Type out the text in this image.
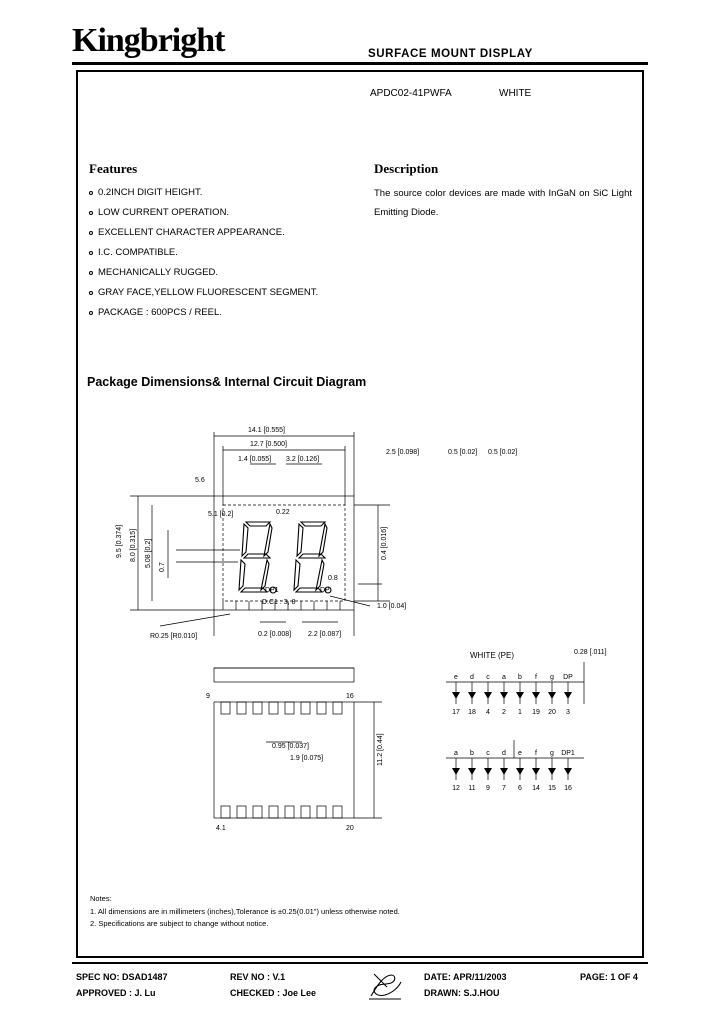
Kingbright	SURFACE MOUNT DISPLAY
APDC02-41PWFA	WHITE
Features
0.2INCH DIGIT HEIGHT.
LOW CURRENT OPERATION.
EXCELLENT CHARACTER APPEARANCE.
I.C. COMPATIBLE.
MECHANICALLY RUGGED.
GRAY FACE,YELLOW FLUORESCENT SEGMENT.
PACKAGE : 600PCS / REEL.
Description
The source color devices are made with InGaN on SiC Light Emitting Diode.
Package Dimensions& Internal Circuit Diagram
14.1 [0.555]
12.7 [0.500]
1.4 [0.055] 3.2 [0.126]
2.5 [0.098]	0.5 [0.02] 0.5 [0.02]
5.6
9.5 [0.374] 8.0 [0.315] 5.08 [0.2] 0.7
0.4 [0.016]
5.1 [0.2]	0.22
0.8
DP1	DP
1.0 [0.04]
R0.25 [R0.010]	0.2 [0.008] 2.2 [0.087]
0.95 [0.037]	11.2 [0.44]
1.9 [0.075]
16
20
4.1
9
WHITE (PE)	0.28 [.011]
e d c a b f g DP
17 18 4 2 1 19 20 3
a b c d e f g DP1
12 11 9 7 6 14 15 16
D.C1 : 3, 8
Notes:
1. All dimensions are in millimeters (inches),Tolerance is ±0.25(0.01") unless otherwise noted.
2. Specifications are subject to change without notice.
SPEC NO: DSAD1487
APPROVED : J. Lu
REV NO : V.1
CHECKED : Joe Lee
DATE: APR/11/2003
DRAWN: S.J.HOU
PAGE: 1 OF 4
